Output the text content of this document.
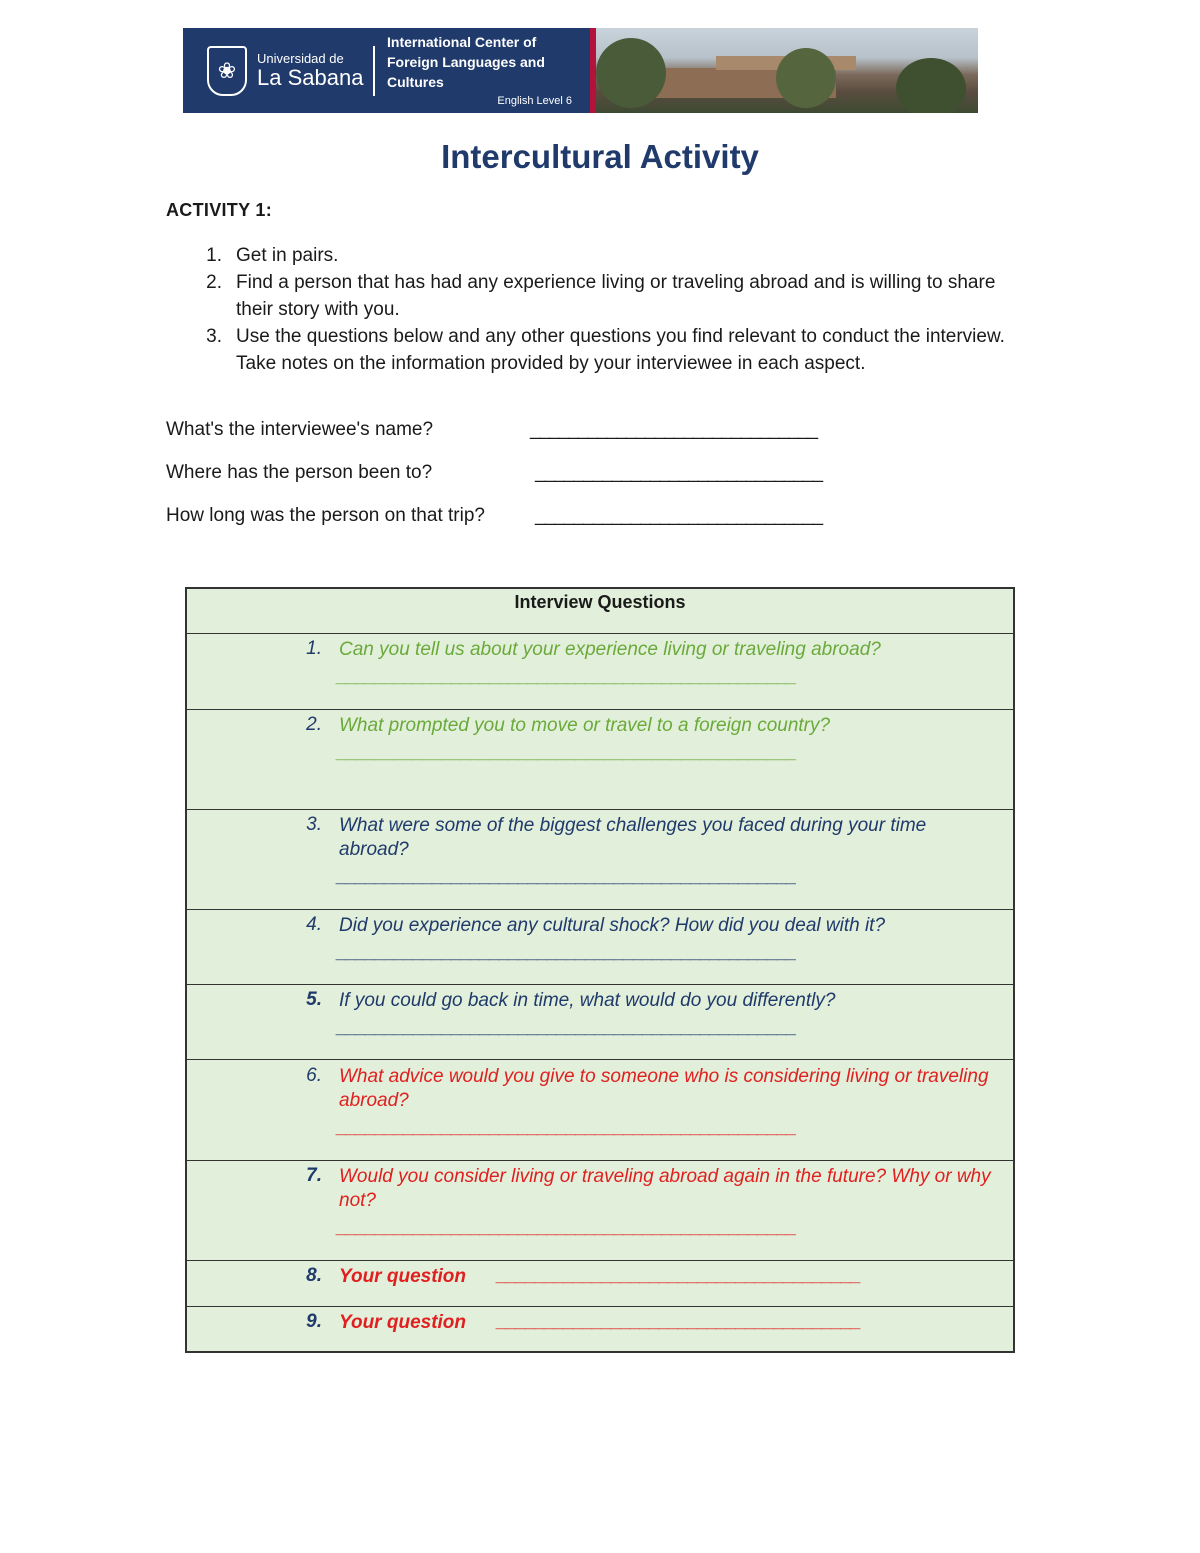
❀	Universidad de
La Sabana
International Center of
Foreign Languages and
Cultures
English Level 6
Intercultural Activity
ACTIVITY 1:
1. Get in pairs.
2. Find a person that has had any experience living or traveling abroad and is willing to share their story with you.
3. Use the questions below and any other questions you find relevant to conduct the interview. Take notes on the information provided by your interviewee in each aspect.
What's the interviewee's name?	______________________________
Where has the person been to?	______________________________
How long was the person on that trip?	______________________________
Interview Questions
1. Can you tell us about your experience living or traveling abroad?
________________________________________________
2. What prompted you to move or travel to a foreign country?
________________________________________________
3. What were some of the biggest challenges you faced during your time abroad?
________________________________________________
4. Did you experience any cultural shock? How did you deal with it?
________________________________________________
5. If you could go back in time, what would do you differently?
________________________________________________
6. What advice would you give to someone who is considering living or traveling abroad?
________________________________________________
7. Would you consider living or traveling abroad again in the future? Why or why not?
________________________________________________
8. Your question ______________________________________
9. Your question ______________________________________
